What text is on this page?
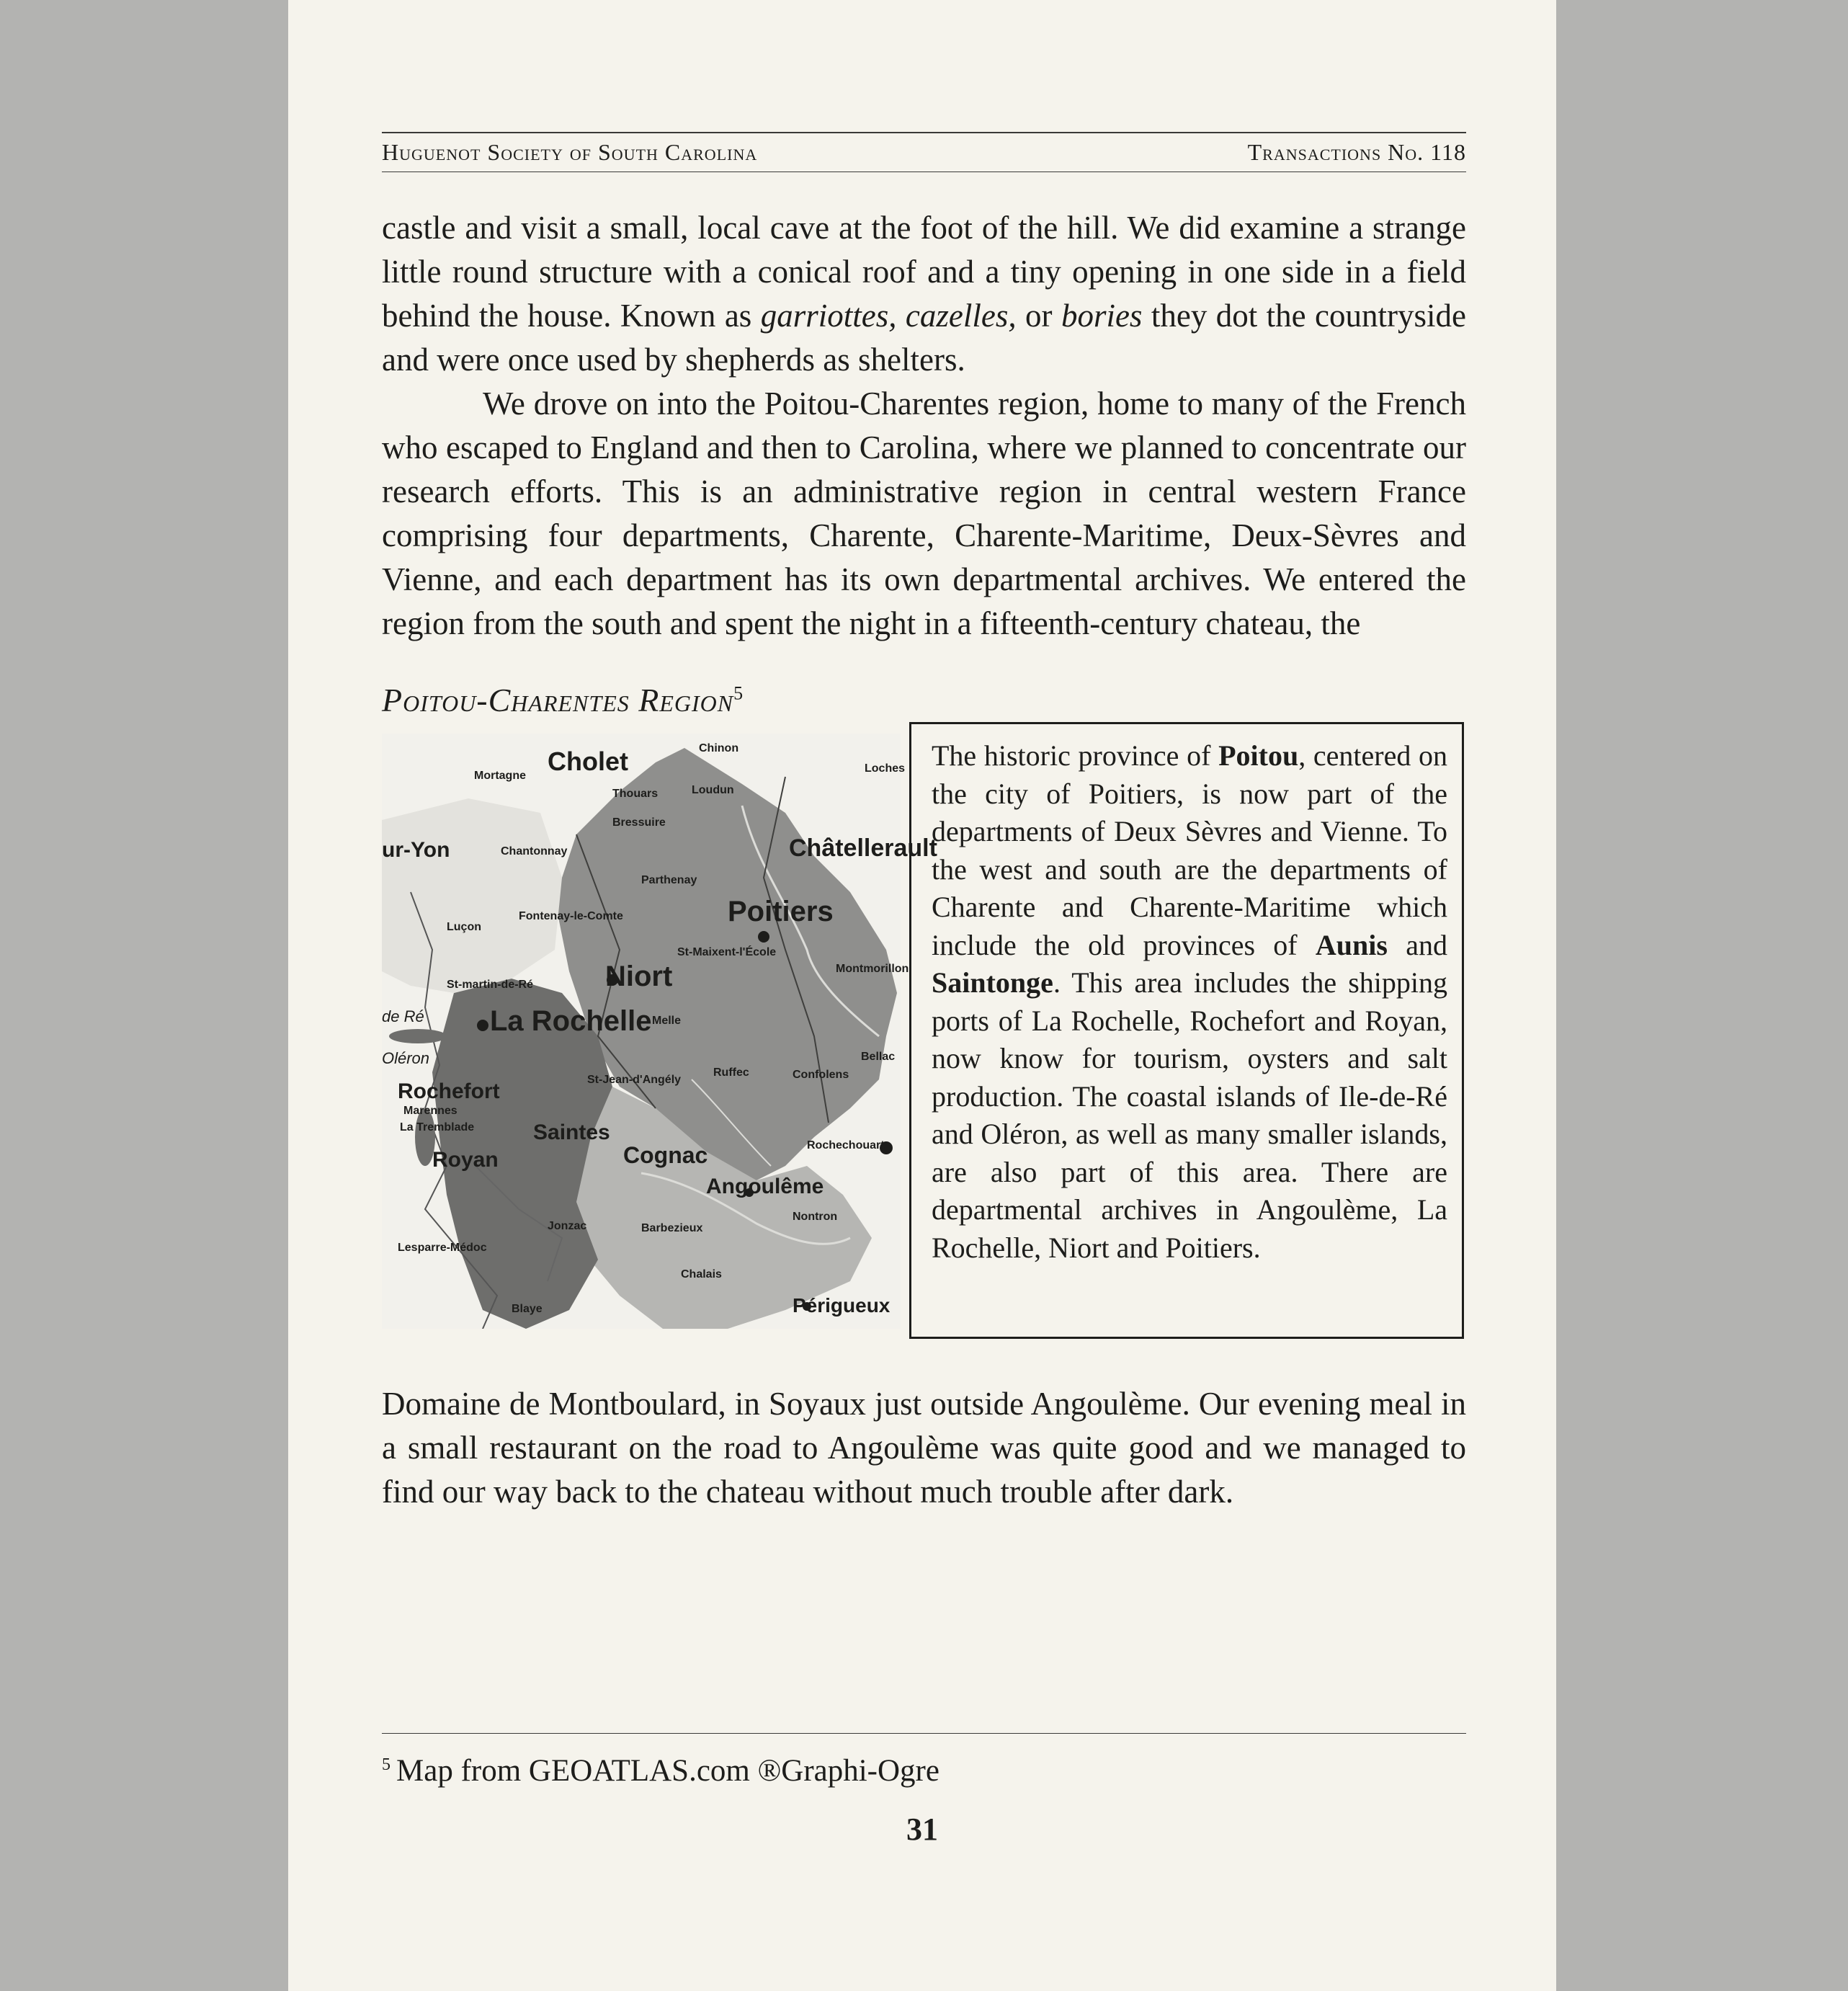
Huguenot Society of South Carolina	Transactions No. 118

castle and visit a small, local cave at the foot of the hill. We did examine a strange little round structure with a conical roof and a tiny opening in one side in a field behind the house. Known as garriottes, cazelles, or bories they dot the countryside and were once used by shepherds as shelters.

We drove on into the Poitou-Charentes region, home to many of the French who escaped to England and then to Carolina, where we planned to concentrate our research efforts. This is an administrative region in central western France comprising four departments, Charente, Charente-Maritime, Deux-Sèvres and Vienne, and each department has its own departmental archives. We entered the region from the south and spent the night in a fifteenth-century chateau, the

Poitou-Charentes Region$^5$
Cholet
Châtellerault
Poitiers
Niort
La Rochelle
Rochefort
Saintes
Cognac
Angoulême
Royan
Périgueux
ur-Yon
Oléron
de Ré
Mortagne
Thouars	Loudun
Chinon
Loches
Bressuire
Chantonnay
Parthenay
Fontenay-le-Comte
Luçon
St-Maixent-l'École
Montmorillon
St-martin-de-Ré
Melle
Bellac
Ruffec	Confolens
St-Jean-d'Angély
Marennes
La Tremblade
Rochechouart
Nontron
Jonzac	Barbezieux
Lesparre-Médoc
Chalais
Blaye
The historic province of Poitou, centered on the city of Poitiers, is now part of the departments of Deux Sèvres and Vienne. To the west and south are the departments of Charente and Charente-Maritime which include the old provinces of Aunis and Saintonge. This area includes the shipping ports of La Rochelle, Rochefort and Royan, now know for tourism, oysters and salt production. The coastal islands of Ile-de-Ré and Oléron, as well as many smaller islands, are also part of this area. There are departmental archives in Angoulème, La Rochelle, Niort and Poitiers.

Domaine de Montboulard, in Soyaux just outside Angoulème. Our evening meal in a small restaurant on the road to Angoulème was quite good and we managed to find our way back to the chateau without much trouble after dark.

$^5$ Map from GEOATLAS.com ®Graphi-Ogre
31
